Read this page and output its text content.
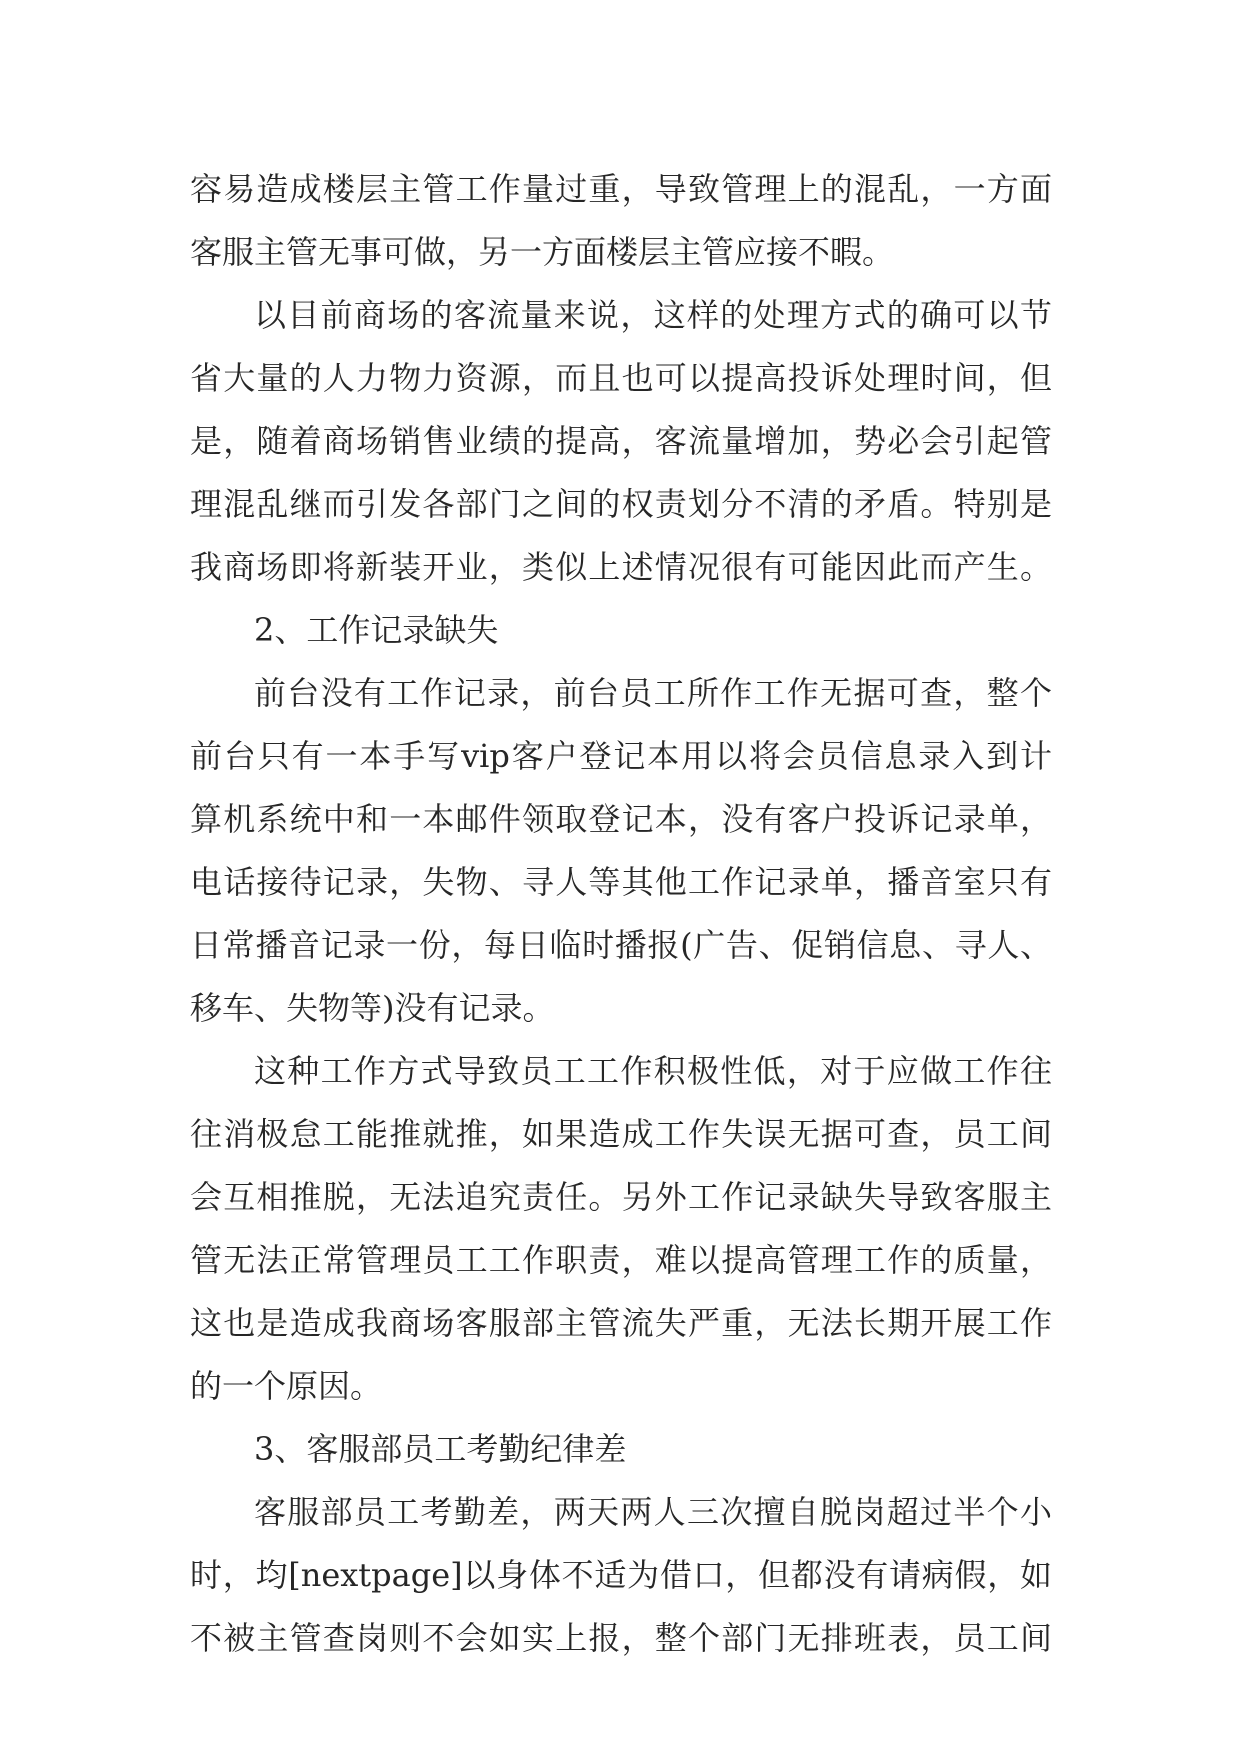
容易造成楼层主管工作量过重，导致管理上的混乱，一方面
客服主管无事可做，另一方面楼层主管应接不暇。
以目前商场的客流量来说，这样的处理方式的确可以节
省大量的人力物力资源，而且也可以提高投诉处理时间，但
是，随着商场销售业绩的提高，客流量增加，势必会引起管
理混乱继而引发各部门之间的权责划分不清的矛盾。特别是
我商场即将新装开业，类似上述情况很有可能因此而产生。
2、工作记录缺失
前台没有工作记录，前台员工所作工作无据可查，整个
前台只有一本手写vip客户登记本用以将会员信息录入到计
算机系统中和一本邮件领取登记本，没有客户投诉记录单，
电话接待记录，失物、寻人等其他工作记录单，播音室只有
日常播音记录一份，每日临时播报(广告、促销信息、寻人、
移车、失物等)没有记录。
这种工作方式导致员工工作积极性低，对于应做工作往
往消极怠工能推就推，如果造成工作失误无据可查，员工间
会互相推脱，无法追究责任。另外工作记录缺失导致客服主
管无法正常管理员工工作职责，难以提高管理工作的质量，
这也是造成我商场客服部主管流失严重，无法长期开展工作
的一个原因。
3、客服部员工考勤纪律差
客服部员工考勤差，两天两人三次擅自脱岗超过半个小
时，均[nextpage]以身体不适为借口，但都没有请病假，如
不被主管查岗则不会如实上报，整个部门无排班表，员工间
